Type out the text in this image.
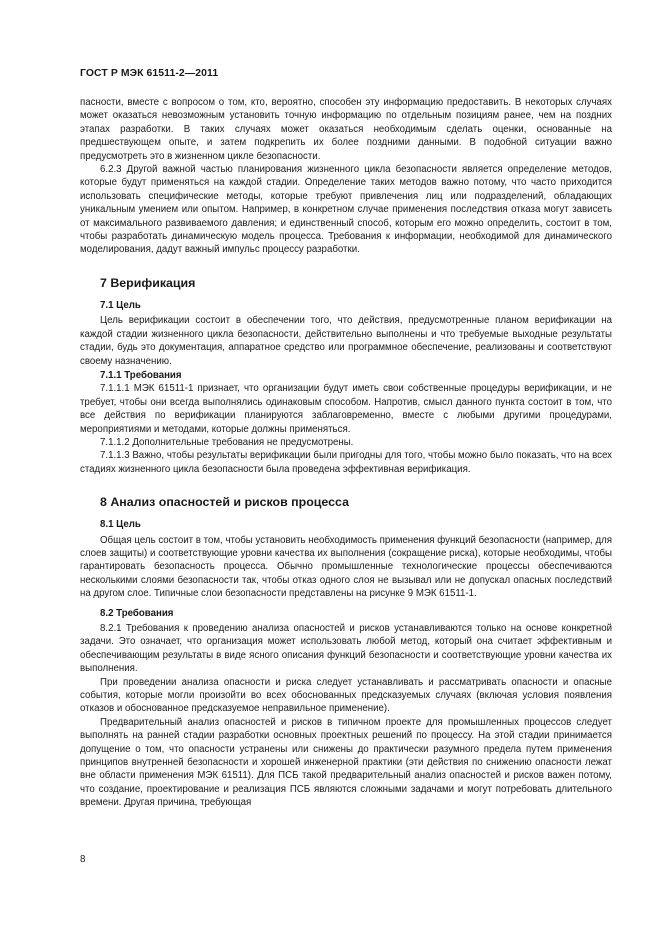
ГОСТ Р МЭК 61511-2—2011

пасности, вместе с вопросом о том, кто, вероятно, способен эту информацию предоставить. В некоторых случаях может оказаться невозможным установить точную информацию по отдельным позициям ранее, чем на поздних этапах разработки. В таких случаях может оказаться необходимым сделать оценки, основанные на предшествующем опыте, и затем подкрепить их более поздними данными. В подобной ситуации важно предусмотреть это в жизненном цикле безопасности.

6.2.3 Другой важной частью планирования жизненного цикла безопасности является определение методов, которые будут применяться на каждой стадии. Определение таких методов важно потому, что часто приходится использовать специфические методы, которые требуют привлечения лиц или подразделений, обладающих уникальным умением или опытом. Например, в конкретном случае применения последствия отказа могут зависеть от максимального развиваемого давления; и единственный способ, которым его можно определить, состоит в том, чтобы разработать динамическую модель процесса. Требования к информации, необходимой для динамического моделирования, дадут важный импульс процессу разработки.

7 Верификация
7.1 Цель

Цель верификации состоит в обеспечении того, что действия, предусмотренные планом верификации на каждой стадии жизненного цикла безопасности, действительно выполнены и что требуемые выходные результаты стадии, будь это документация, аппаратное средство или программное обеспечение, реализованы и соответствуют своему назначению.

7.1.1 Требования

7.1.1.1 МЭК 61511-1 признает, что организации будут иметь свои собственные процедуры верификации, и не требует, чтобы они всегда выполнялись одинаковым способом. Напротив, смысл данного пункта состоит в том, что все действия по верификации планируются заблаговременно, вместе с любыми другими процедурами, мероприятиями и методами, которые должны применяться.

7.1.1.2 Дополнительные требования не предусмотрены.

7.1.1.3 Важно, чтобы результаты верификации были пригодны для того, чтобы можно было показать, что на всех стадиях жизненного цикла безопасности была проведена эффективная верификация.

8 Анализ опасностей и рисков процесса
8.1 Цель

Общая цель состоит в том, чтобы установить необходимость применения функций безопасности (например, для слоев защиты) и соответствующие уровни качества их выполнения (сокращение риска), которые необходимы, чтобы гарантировать безопасность процесса. Обычно промышленные технологические процессы обеспечиваются несколькими слоями безопасности так, чтобы отказ одного слоя не вызывал или не допускал опасных последствий на другом слое. Типичные слои безопасности представлены на рисунке 9 МЭК 61511-1.

8.2 Требования

8.2.1 Требования к проведению анализа опасностей и рисков устанавливаются только на основе конкретной задачи. Это означает, что организация может использовать любой метод, который она считает эффективным и обеспечивающим результаты в виде ясного описания функций безопасности и соответствующие уровни качества их выполнения.

При проведении анализа опасности и риска следует устанавливать и рассматривать опасности и опасные события, которые могли произойти во всех обоснованных предсказуемых случаях (включая условия появления отказов и обоснованное предсказуемое неправильное применение).

Предварительный анализ опасностей и рисков в типичном проекте для промышленных процессов следует выполнять на ранней стадии разработки основных проектных решений по процессу. На этой стадии принимается допущение о том, что опасности устранены или снижены до практически разумного предела путем применения принципов внутренней безопасности и хорошей инженерной практики (эти действия по снижению опасности лежат вне области применения МЭК 61511). Для ПСБ такой предварительный анализ опасностей и рисков важен потому, что создание, проектирование и реализация ПСБ являются сложными задачами и могут потребовать длительного времени. Другая причина, требующая

8
